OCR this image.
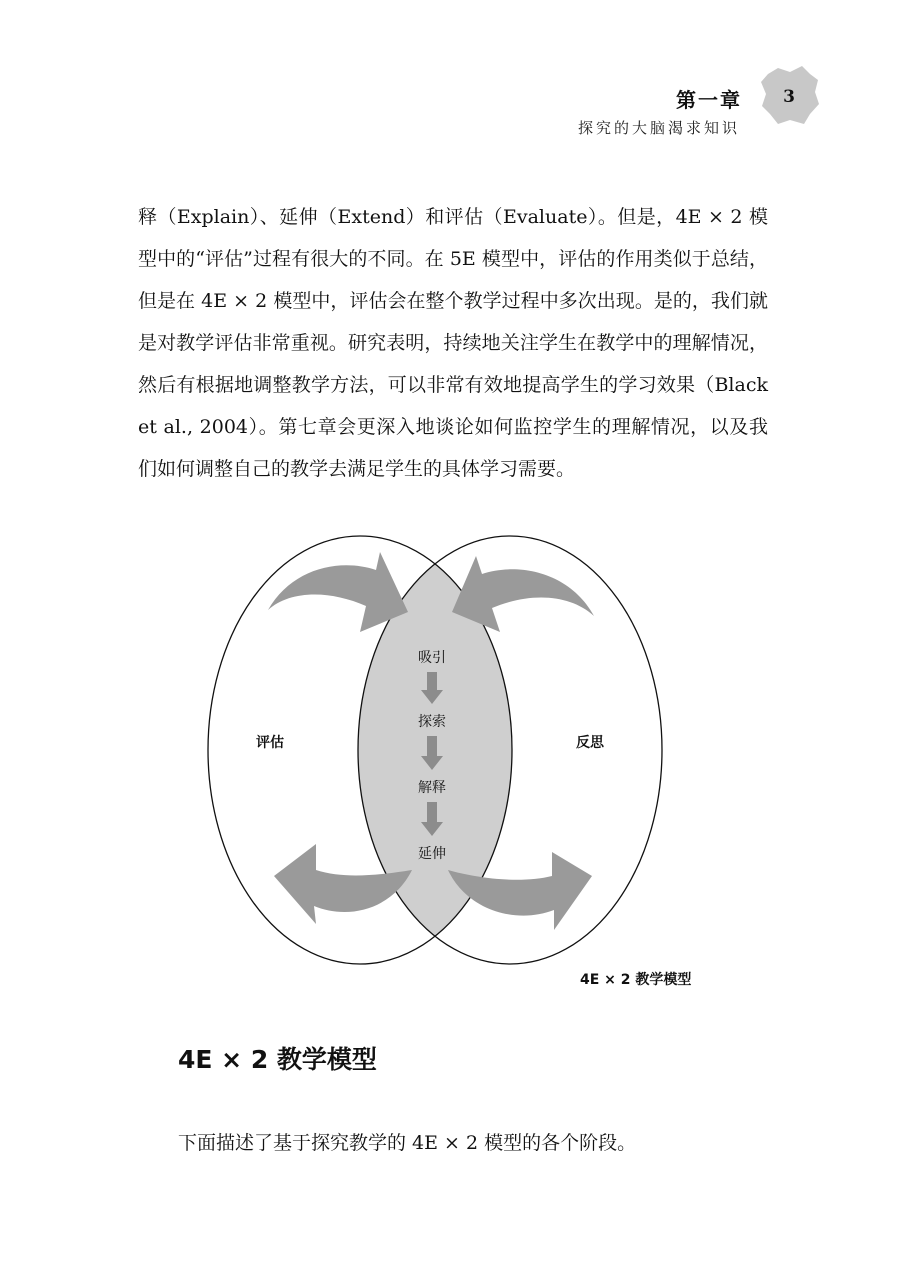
第一章
探究的大脑渴求知识
3

释（Explain）、延伸（Extend）和评估（Evaluate）。但是，4E × 2 模型中的“评估”过程有很大的不同。在 5E 模型中，评估的作用类似于总结，但是在 4E × 2 模型中，评估会在整个教学过程中多次出现。是的，我们就是对教学评估非常重视。研究表明，持续地关注学生在教学中的理解情况，然后有根据地调整教学方法，可以非常有效地提高学生的学习效果（Black et al., 2004）。第七章会更深入地谈论如何监控学生的理解情况，以及我们如何调整自己的教学去满足学生的具体学习需要。

评估	反思
吸引
探索
解释
延伸
4E × 2 教学模型
4E × 2 教学模型
下面描述了基于探究教学的 4E × 2 模型的各个阶段。
